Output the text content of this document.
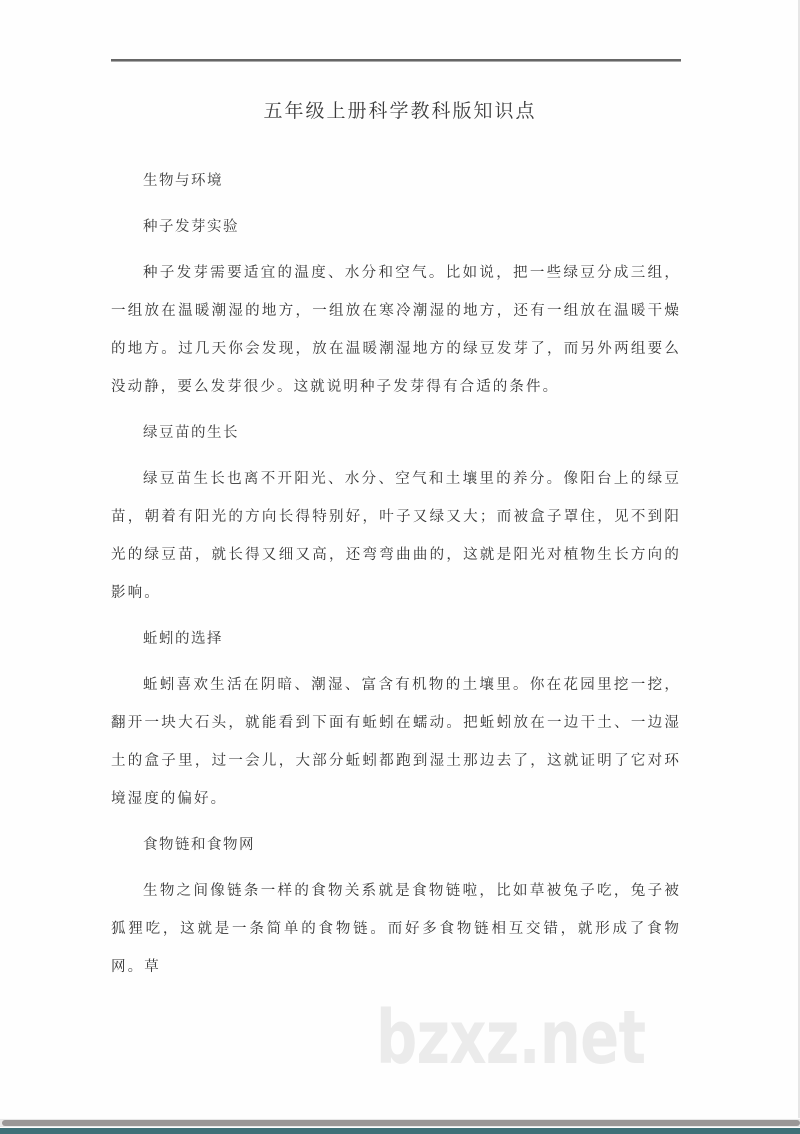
五年级上册科学教科版知识点

生物与环境

种子发芽实验

种子发芽需要适宜的温度、水分和空气。比如说，把一些绿豆分成三组，一组放在温暖潮湿的地方，一组放在寒冷潮湿的地方，还有一组放在温暖干燥的地方。过几天你会发现，放在温暖潮湿地方的绿豆发芽了，而另外两组要么没动静，要么发芽很少。这就说明种子发芽得有合适的条件。

绿豆苗的生长

绿豆苗生长也离不开阳光、水分、空气和土壤里的养分。像阳台上的绿豆苗，朝着有阳光的方向长得特别好，叶子又绿又大；而被盒子罩住，见不到阳光的绿豆苗，就长得又细又高，还弯弯曲曲的，这就是阳光对植物生长方向的影响。

蚯蚓的选择

蚯蚓喜欢生活在阴暗、潮湿、富含有机物的土壤里。你在花园里挖一挖，翻开一块大石头，就能看到下面有蚯蚓在蠕动。把蚯蚓放在一边干土、一边湿土的盒子里，过一会儿，大部分蚯蚓都跑到湿土那边去了，这就证明了它对环境湿度的偏好。

食物链和食物网

生物之间像链条一样的食物关系就是食物链啦，比如草被兔子吃，兔子被狐狸吃，这就是一条简单的食物链。而好多食物链相互交错，就形成了食物网。草

bzxz.net
